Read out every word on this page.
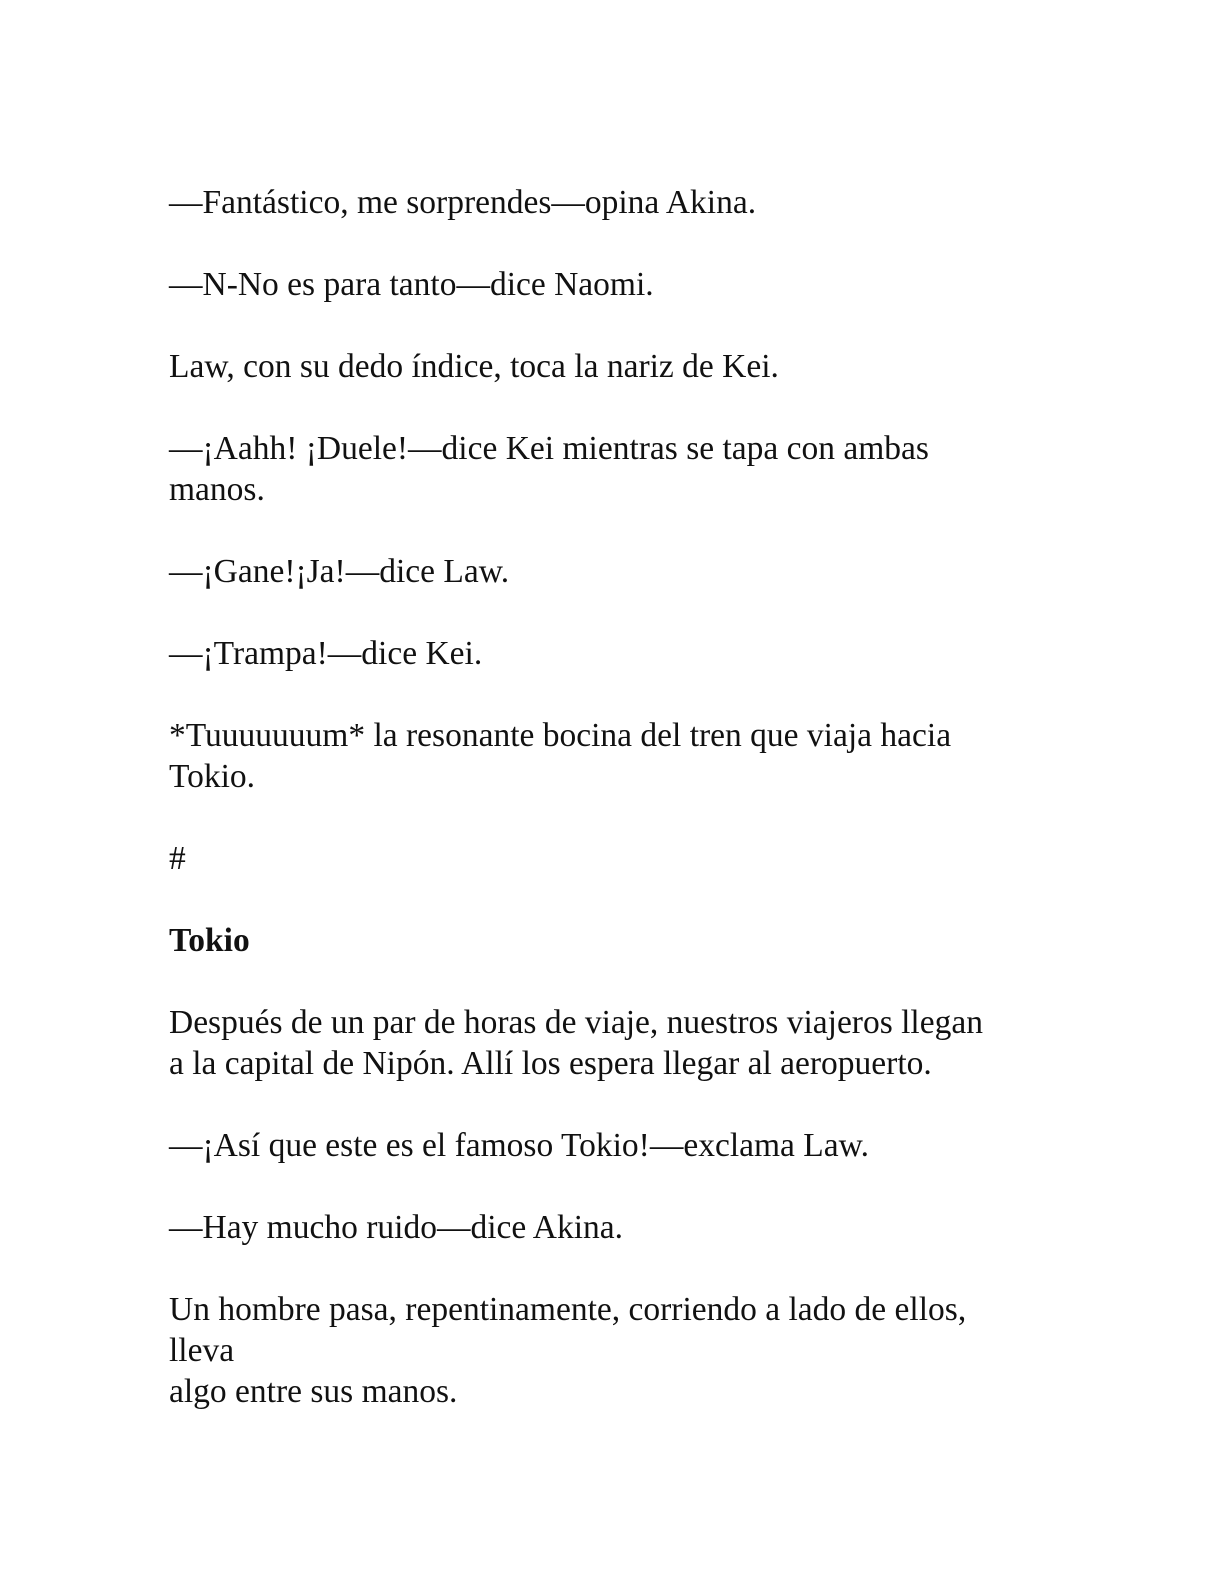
—Fantástico, me sorprendes—opina Akina.

—N-No es para tanto—dice Naomi.

Law, con su dedo índice, toca la nariz de Kei.

—¡Aahh! ¡Duele!—dice Kei mientras se tapa con ambas
manos.

—¡Gane!¡Ja!—dice Law.

—¡Trampa!—dice Kei.

*Tuuuuuuum* la resonante bocina del tren que viaja hacia
Tokio.

#

Tokio

Después de un par de horas de viaje, nuestros viajeros llegan
a la capital de Nipón. Allí los espera llegar al aeropuerto.

—¡Así que este es el famoso Tokio!—exclama Law.

—Hay mucho ruido—dice Akina.

Un hombre pasa, repentinamente, corriendo a lado de ellos,
lleva
algo entre sus manos.
